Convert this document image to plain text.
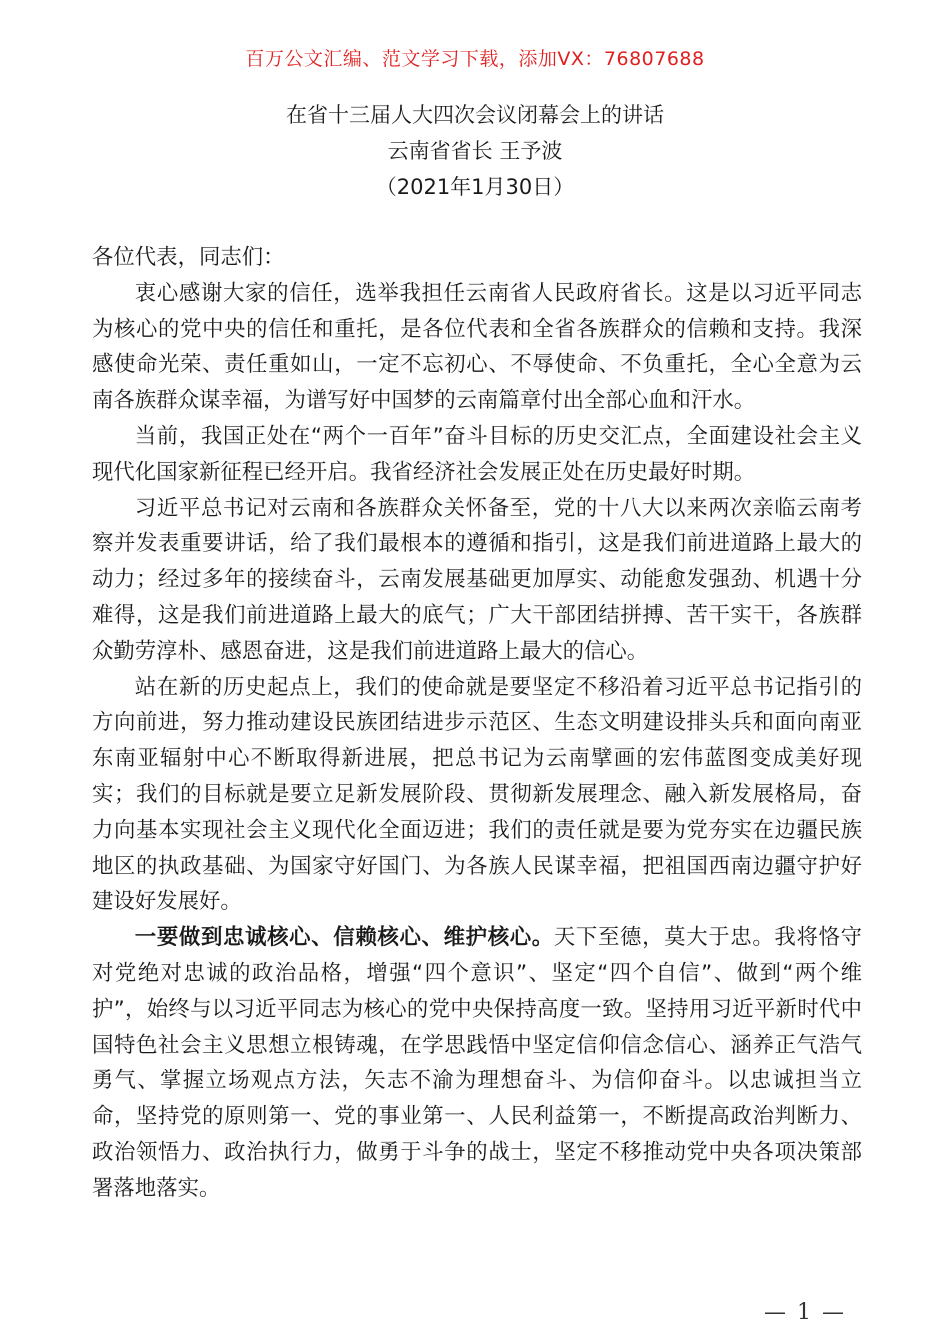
百万公文汇编、范文学习下载，添加VX：76807688
在省十三届人大四次会议闭幕会上的讲话
云南省省长 王予波
（2021年1月30日）

各位代表，同志们：

衷心感谢大家的信任，选举我担任云南省人民政府省长。这是以习近平同志为核心的党中央的信任和重托，是各位代表和全省各族群众的信赖和支持。我深感使命光荣、责任重如山，一定不忘初心、不辱使命、不负重托，全心全意为云南各族群众谋幸福，为谱写好中国梦的云南篇章付出全部心血和汗水。

当前，我国正处在“两个一百年”奋斗目标的历史交汇点，全面建设社会主义现代化国家新征程已经开启。我省经济社会发展正处在历史最好时期。

习近平总书记对云南和各族群众关怀备至，党的十八大以来两次亲临云南考察并发表重要讲话，给了我们最根本的遵循和指引，这是我们前进道路上最大的动力；经过多年的接续奋斗，云南发展基础更加厚实、动能愈发强劲、机遇十分难得，这是我们前进道路上最大的底气；广大干部团结拼搏、苦干实干，各族群众勤劳淳朴、感恩奋进，这是我们前进道路上最大的信心。

站在新的历史起点上，我们的使命就是要坚定不移沿着习近平总书记指引的方向前进，努力推动建设民族团结进步示范区、生态文明建设排头兵和面向南亚东南亚辐射中心不断取得新进展，把总书记为云南擘画的宏伟蓝图变成美好现实；我们的目标就是要立足新发展阶段、贯彻新发展理念、融入新发展格局，奋力向基本实现社会主义现代化全面迈进；我们的责任就是要为党夯实在边疆民族地区的执政基础、为国家守好国门、为各族人民谋幸福，把祖国西南边疆守护好建设好发展好。

一要做到忠诚核心、信赖核心、维护核心。天下至德，莫大于忠。我将恪守对党绝对忠诚的政治品格，增强“四个意识”、坚定“四个自信”、做到“两个维护”，始终与以习近平同志为核心的党中央保持高度一致。坚持用习近平新时代中国特色社会主义思想立根铸魂，在学思践悟中坚定信仰信念信心、涵养正气浩气勇气、掌握立场观点方法，矢志不渝为理想奋斗、为信仰奋斗。以忠诚担当立命，坚持党的原则第一、党的事业第一、人民利益第一，不断提高政治判断力、政治领悟力、政治执行力，做勇于斗争的战士，坚定不移推动党中央各项决策部署落地落实。

— 1 —
